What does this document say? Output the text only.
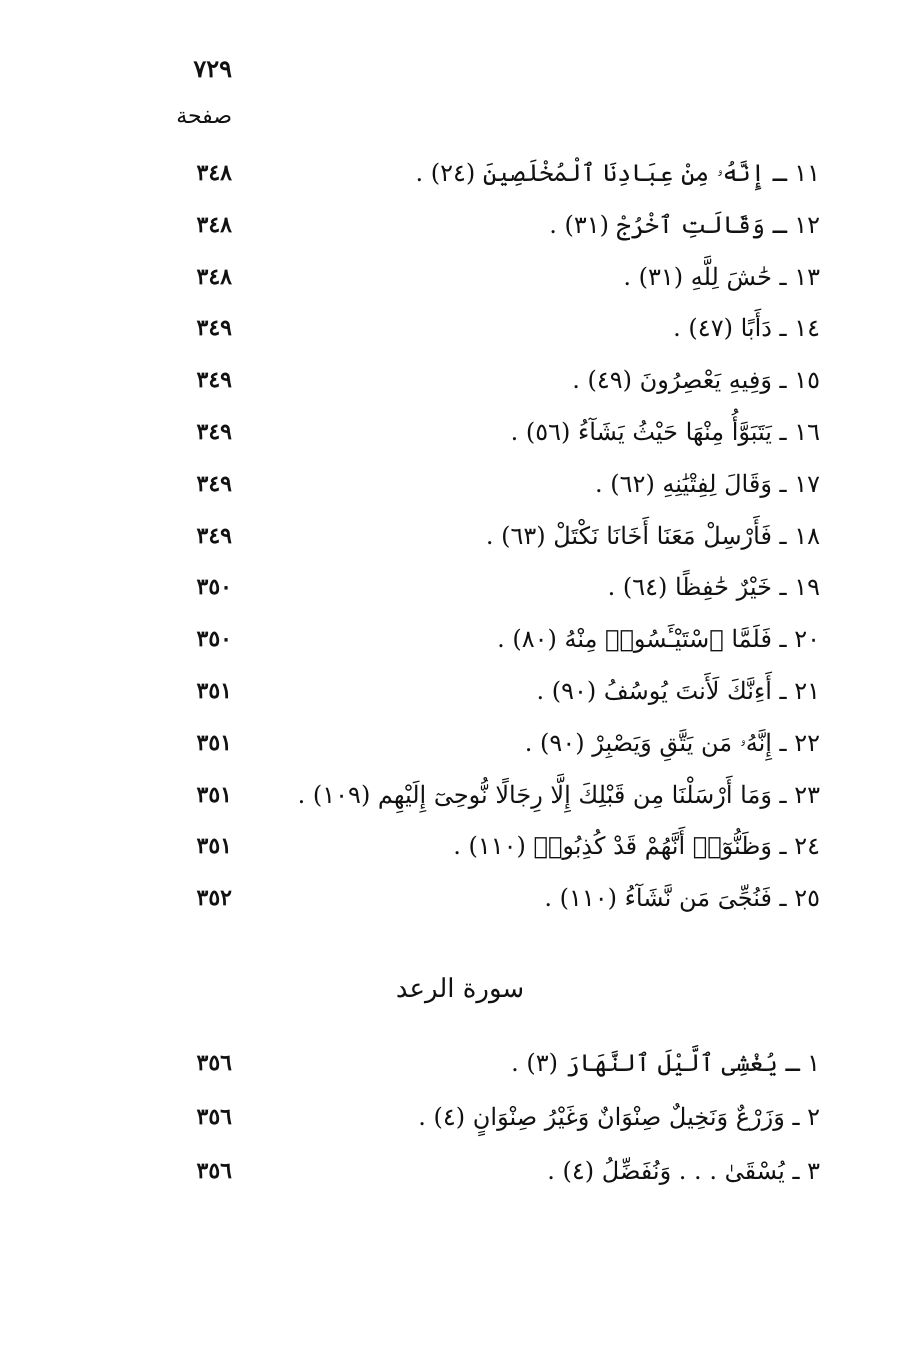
٧٢٩
صفحة
١١ ـ إِنَّهُۥ مِنْ عِبَادِنَا ٱلْمُخْلَصِينَ (٢٤) .
٣٤٨
١٢ ـ وَقَالَتِ ٱخْرُجْ (٣١) .
٣٤٨
١٣ ـ حَٰشَ لِلَّهِ (٣١) .
٣٤٨
١٤ ـ دَأَبًا (٤٧) .
٣٤٩
١٥ ـ وَفِيهِ يَعْصِرُونَ (٤٩) .
٣٤٩
١٦ ـ يَتَبَوَّأُ مِنْهَا حَيْثُ يَشَآءُ (٥٦) .
٣٤٩
١٧ ـ وَقَالَ لِفِتْيَٰنِهِ (٦٢) .
٣٤٩
١٨ ـ فَأَرْسِلْ مَعَنَا أَخَانَا نَكْتَلْ (٦٣) .
٣٤٩
١٩ ـ خَيْرٌ حَٰفِظًا (٦٤) .
٣٥٠
٢٠ ـ فَلَمَّا ٱسْتَيْـَٔسُوا۟ مِنْهُ (٨٠) .
٣٥٠
٢١ ـ أَءِنَّكَ لَأَنتَ يُوسُفُ (٩٠) .
٣٥١
٢٢ ـ إِنَّهُۥ مَن يَتَّقِ وَيَصْبِرْ (٩٠) .
٣٥١
٢٣ ـ وَمَا أَرْسَلْنَا مِن قَبْلِكَ إِلَّا رِجَالًا نُّوحِىٓ إِلَيْهِم (١٠٩) .
٣٥١
٢٤ ـ وَظَنُّوٓا۟ أَنَّهُمْ قَدْ كُذِبُوا۟ (١١٠) .
٣٥١
٢٥ ـ فَنُجِّىَ مَن نَّشَآءُ (١١٠) .
٣٥٢
سورة الرعد
١ ـ يُغْشِى ٱلَّيْلَ ٱلنَّهَارَ (٣) .
٣٥٦
٢ ـ وَزَرْعٌ وَنَخِيلٌ صِنْوَانٌ وَغَيْرُ صِنْوَانٍ (٤) .
٣٥٦
٣ ـ يُسْقَىٰ . . . وَنُفَضِّلُ (٤) .
٣٥٦
